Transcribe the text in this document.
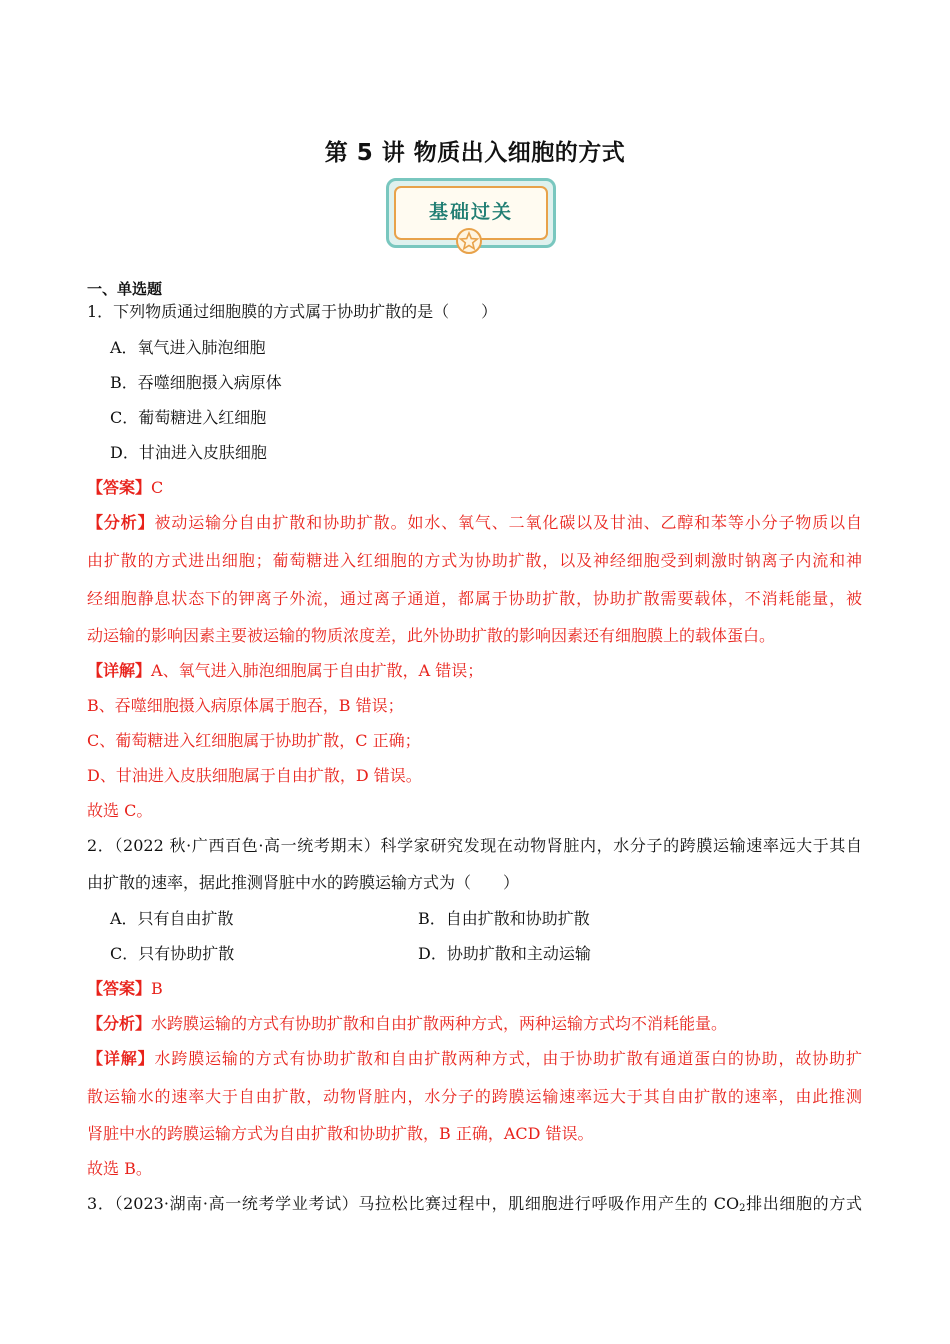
第 5 讲 物质出入细胞的方式
基础过关
一、单选题
1．下列物质通过细胞膜的方式属于协助扩散的是（　　）
A．氧气进入肺泡细胞
B．吞噬细胞摄入病原体
C．葡萄糖进入红细胞
D．甘油进入皮肤细胞
【答案】C
【分析】被动运输分自由扩散和协助扩散。如水、氧气、二氧化碳以及甘油、乙醇和苯等小分子物质以自
由扩散的方式进出细胞；葡萄糖进入红细胞的方式为协助扩散，以及神经细胞受到刺激时钠离子内流和神
经细胞静息状态下的钾离子外流，通过离子通道，都属于协助扩散，协助扩散需要载体，不消耗能量，被
动运输的影响因素主要被运输的物质浓度差，此外协助扩散的影响因素还有细胞膜上的载体蛋白。
【详解】A、氧气进入肺泡细胞属于自由扩散，A 错误；
B、吞噬细胞摄入病原体属于胞吞，B 错误；
C、葡萄糖进入红细胞属于协助扩散，C 正确；
D、甘油进入皮肤细胞属于自由扩散，D 错误。
故选 C。
2．（2022 秋·广西百色·高一统考期末）科学家研究发现在动物肾脏内，水分子的跨膜运输速率远大于其自
由扩散的速率，据此推测肾脏中水的跨膜运输方式为（　　）
A．只有自由扩散	B．自由扩散和协助扩散
C．只有协助扩散	D．协助扩散和主动运输
【答案】B
【分析】水跨膜运输的方式有协助扩散和自由扩散两种方式，两种运输方式均不消耗能量。
【详解】水跨膜运输的方式有协助扩散和自由扩散两种方式，由于协助扩散有通道蛋白的协助，故协助扩
散运输水的速率大于自由扩散，动物肾脏内，水分子的跨膜运输速率远大于其自由扩散的速率，由此推测
肾脏中水的跨膜运输方式为自由扩散和协助扩散，B 正确，ACD 错误。
故选 B。
3．（2023·湖南·高一统考学业考试）马拉松比赛过程中，肌细胞进行呼吸作用产生的 $CO_2$排出细胞的方式
